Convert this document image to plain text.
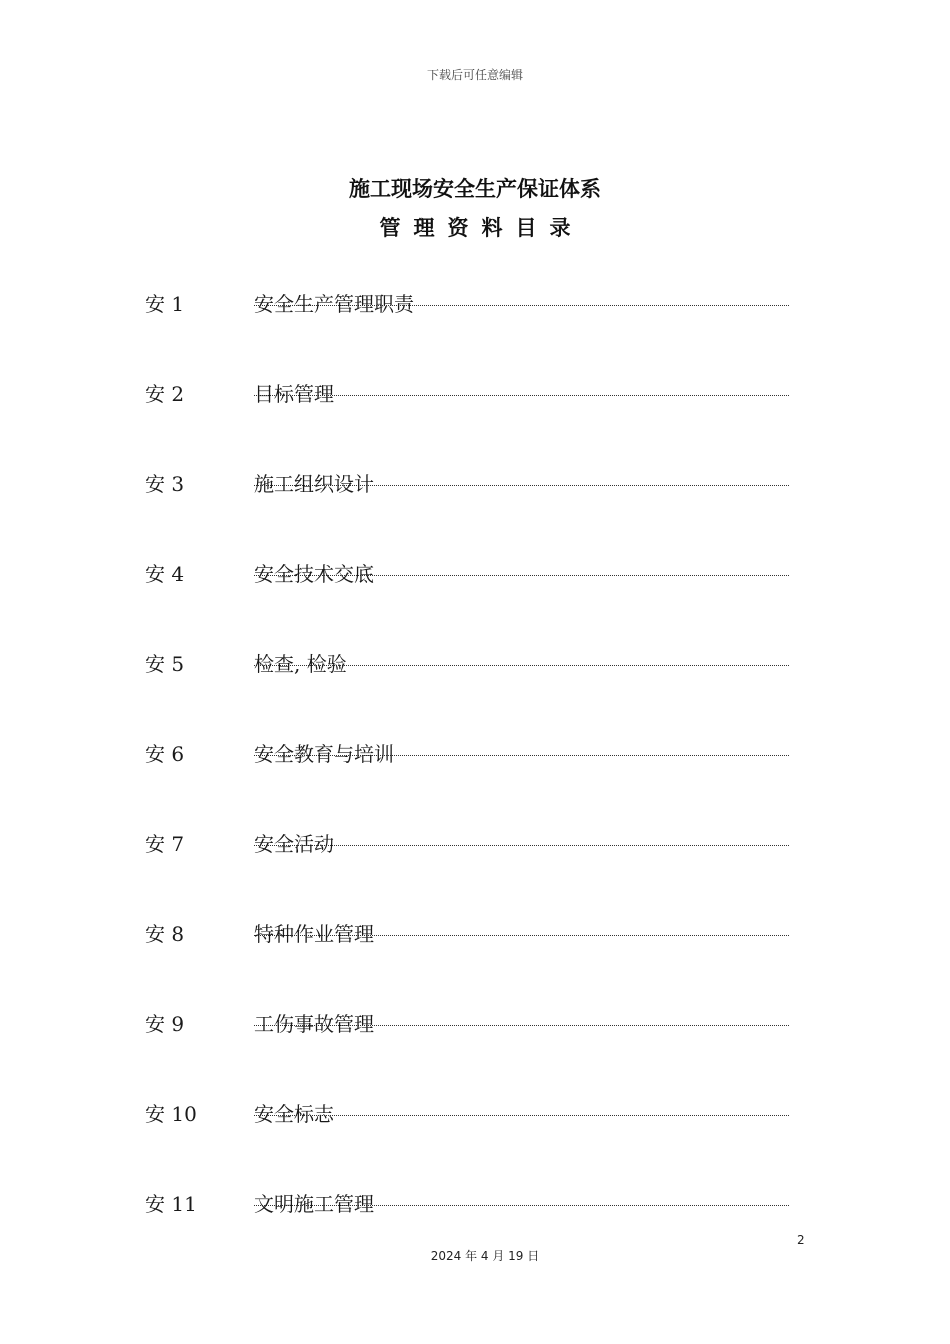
下载后可任意编辑
施工现场安全生产保证体系
管理资料目录
安 1	安全生产管理职责
安 2	目标管理
安 3	施工组织设计
安 4	安全技术交底
安 5	检查, 检验
安 6	安全教育与培训
安 7	安全活动
安 8	特种作业管理
安 9	工伤事故管理
安 10	安全标志
安 11	文明施工管理
2
2024 年 4 月 19 日
